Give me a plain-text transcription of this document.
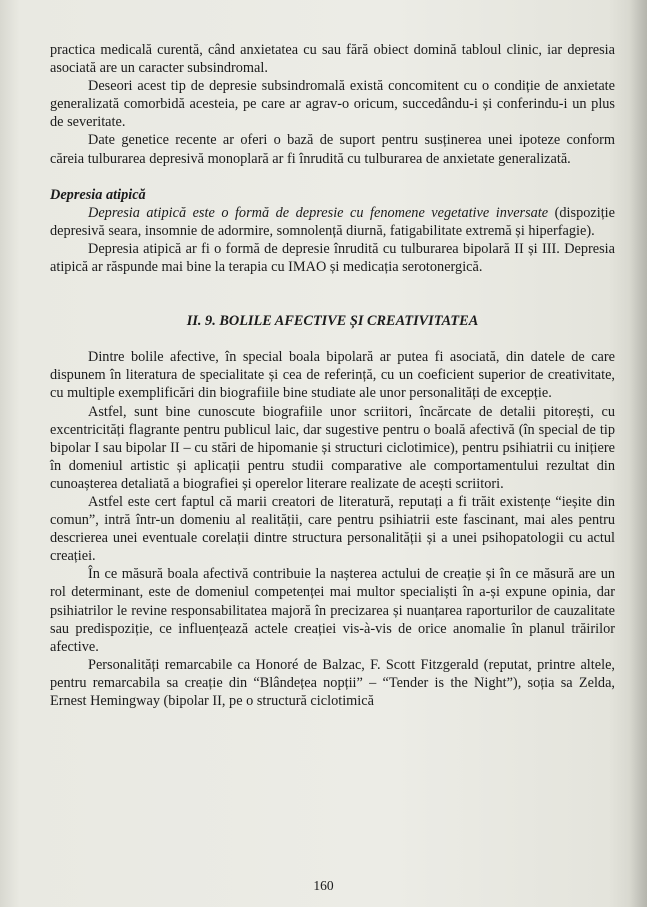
practica medicală curentă, când anxietatea cu sau fără obiect domină tabloul clinic, iar depresia asociată are un caracter subsindromal.

Deseori acest tip de depresie subsindromală există concomitent cu o condiție de anxietate generalizată comorbidă acesteia, pe care ar agrav-o oricum, succedându-i și conferindu-i un plus de severitate.

Date genetice recente ar oferi o bază de suport pentru susținerea unei ipoteze conform căreia tulburarea depresivă monoplară ar fi înrudită cu tulburarea de anxietate generalizată.

Depresia atipică

Depresia atipică este o formă de depresie cu fenomene vegetative inversate (dispoziție depresivă seara, insomnie de adormire, somnolență diurnă, fatigabilitate extremă și hiperfagie).

Depresia atipică ar fi o formă de depresie înrudită cu tulburarea bipolară II și III. Depresia atipică ar răspunde mai bine la terapia cu IMAO și medicația serotonergică.

II. 9. BOLILE AFECTIVE ȘI CREATIVITATEA

Dintre bolile afective, în special boala bipolară ar putea fi asociată, din datele de care dispunem în literatura de specialitate și cea de referință, cu un coeficient superior de creativitate, cu multiple exemplificări din biografiile bine studiate ale unor personalități de excepție.

Astfel, sunt bine cunoscute biografiile unor scriitori, încărcate de detalii pitorești, cu excentricități flagrante pentru publicul laic, dar sugestive pentru o boală afectivă (în special de tip bipolar I sau bipolar II – cu stări de hipomanie și structuri ciclotimice), pentru psihiatrii cu inițiere în domeniul artistic și aplicații pentru studii comparative ale comportamentului rezultat din cunoașterea detaliată a biografiei și operelor literare realizate de acești scriitori.

Astfel este cert faptul că marii creatori de literatură, reputați a fi trăit existențe “ieșite din comun”, intră într-un domeniu al realității, care pentru psihiatrii este fascinant, mai ales pentru descrierea unei eventuale corelații dintre structura personalității și a unei psihopatologii cu actul creației.

În ce măsură boala afectivă contribuie la nașterea actului de creație și în ce măsură are un rol determinant, este de domeniul competenței mai multor specialiști în a-și expune opinia, dar psihiatrilor le revine responsabilitatea majoră în precizarea și nuanțarea raporturilor de cauzalitate sau predispoziție, ce influențează actele creației vis-à-vis de orice anomalie în planul trăirilor afective.

Personalități remarcabile ca Honoré de Balzac, F. Scott Fitzgerald (reputat, printre altele, pentru remarcabila sa creație din “Blândețea nopții” – “Tender is the Night”), soția sa Zelda, Ernest Hemingway (bipolar II, pe o structură ciclotimică

160
